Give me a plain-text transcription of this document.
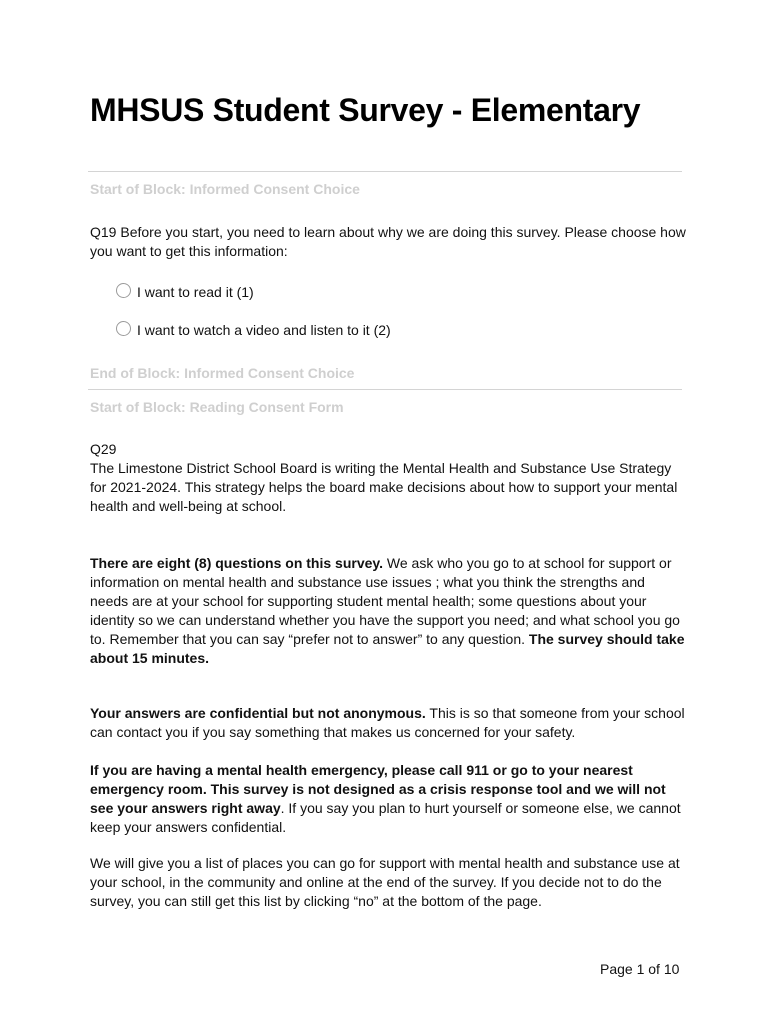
MHSUS Student Survey - Elementary
Start of Block: Informed Consent Choice
Q19 Before you start, you need to learn about why we are doing this survey. Please choose how you want to get this information:
I want to read it (1)
I want to watch a video and listen to it (2)
End of Block: Informed Consent Choice
Start of Block: Reading Consent Form
Q29
The Limestone District School Board is writing the Mental Health and Substance Use Strategy for 2021-2024. This strategy helps the board make decisions about how to support your mental health and well-being at school.
There are eight (8) questions on this survey. We ask who you go to at school for support or information on mental health and substance use issues ; what you think the strengths and needs are at your school for supporting student mental health; some questions about your identity so we can understand whether you have the support you need; and what school you go to. Remember that you can say “prefer not to answer” to any question. The survey should take about 15 minutes.
Your answers are confidential but not anonymous. This is so that someone from your school can contact you if you say something that makes us concerned for your safety.
If you are having a mental health emergency, please call 911 or go to your nearest emergency room. This survey is not designed as a crisis response tool and we will not see your answers right away. If you say you plan to hurt yourself or someone else, we cannot keep your answers confidential.
We will give you a list of places you can go for support with mental health and substance use at your school, in the community and online at the end of the survey. If you decide not to do the survey, you can still get this list by clicking “no” at the bottom of the page.
Page 1 of 10
